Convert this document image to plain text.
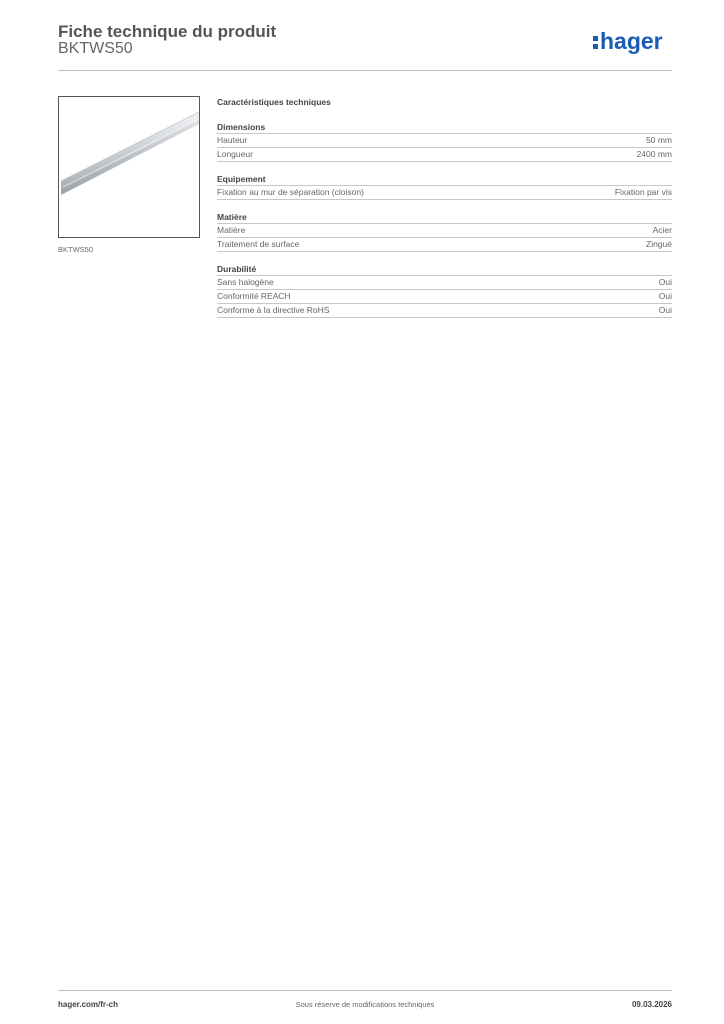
Fiche technique du produit
BKTWS50	hager
BKTWS50
Caractéristiques techniques
Dimensions
Hauteur	50 mm
Longueur	2400 mm
Equipement
Fixation au mur de séparation (cloison)	Fixation par vis
Matière
Matière	Acier
Traitement de surface	Zingué
Durabilité
Sans halogène	Oui
Conformité REACH	Oui
Conforme à la directive RoHS	Oui
Sous réserve de modifications techniques
hager.com/fr-ch	09.03.2026
